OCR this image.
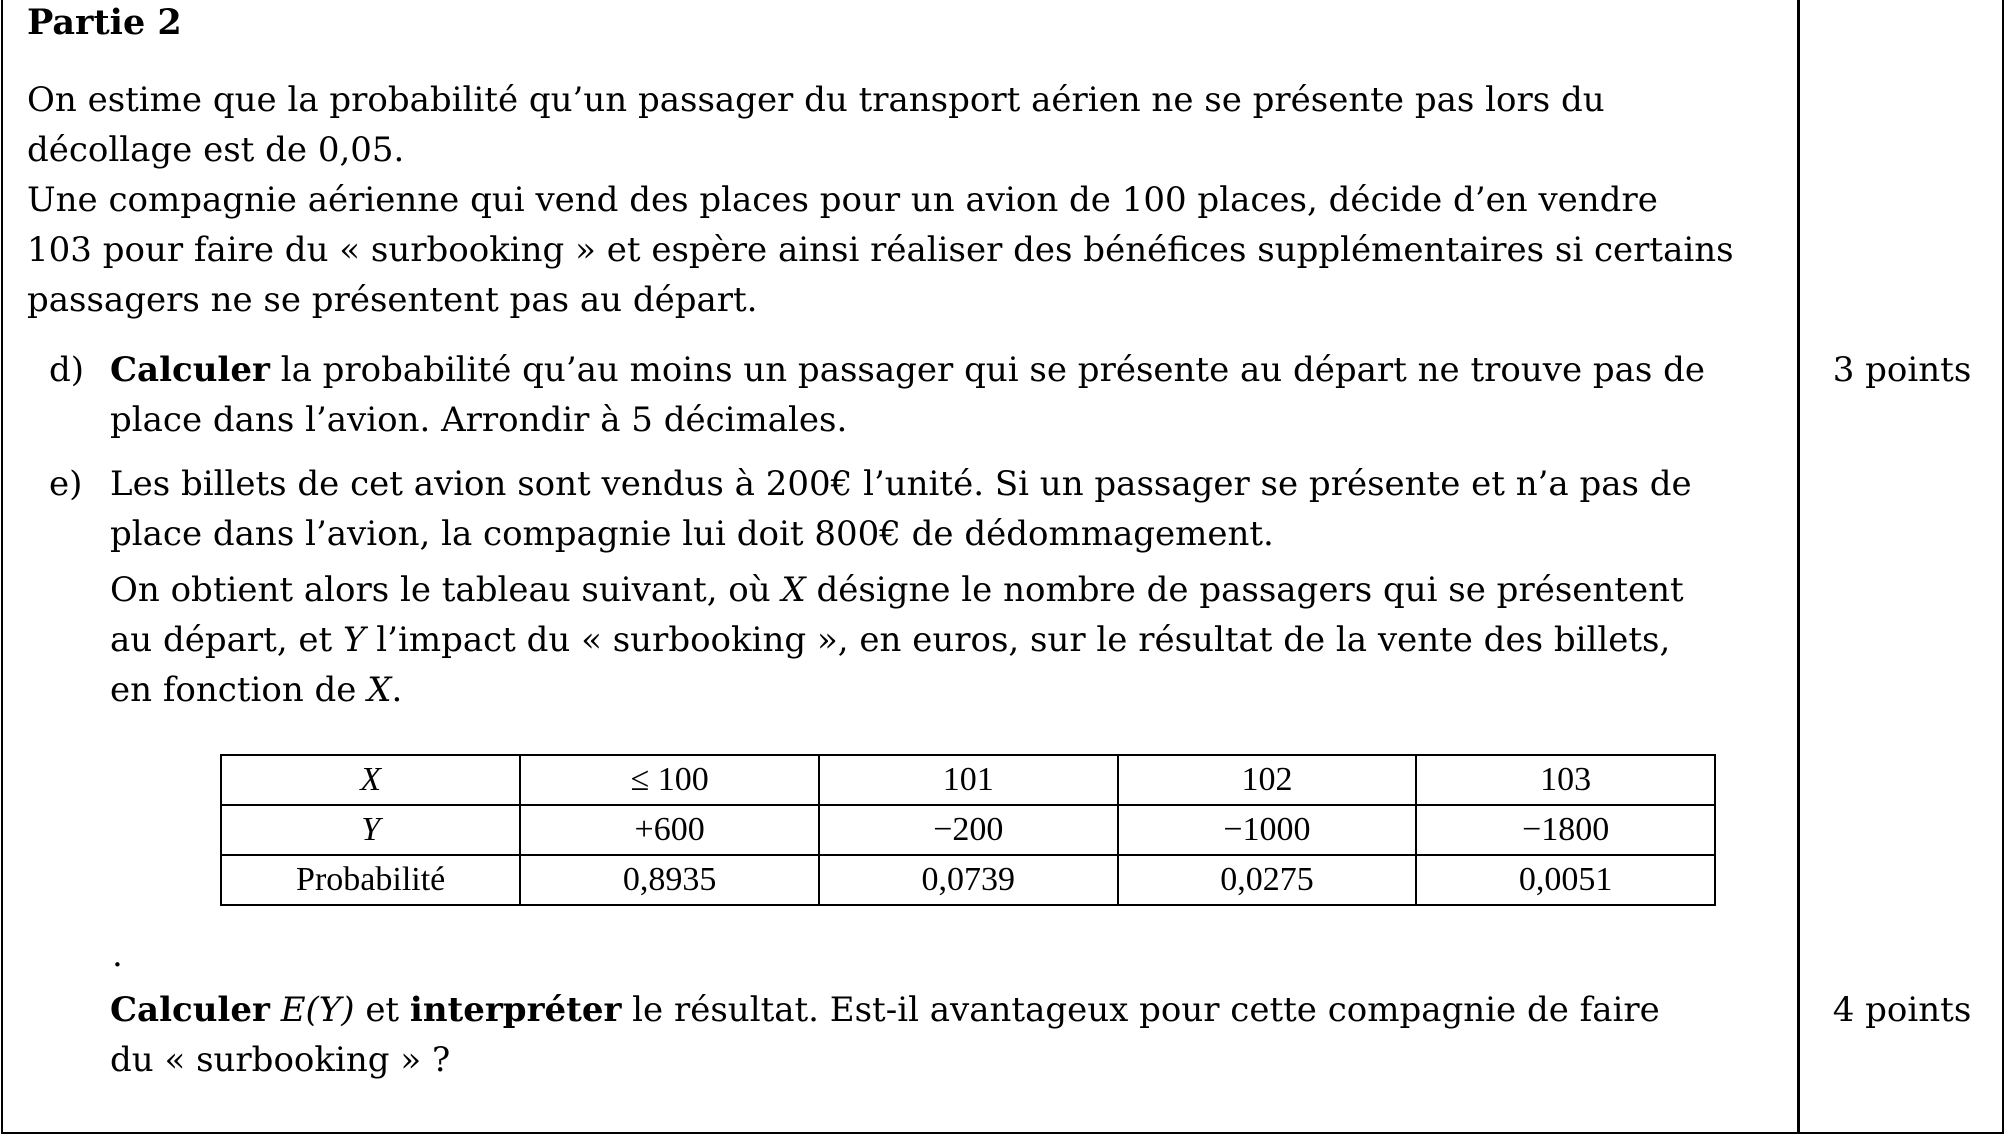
Partie 2
On estime que la probabilité qu’un passager du transport aérien ne se présente pas lors du
décollage est de 0,05.
Une compagnie aérienne qui vend des places pour un avion de 100 places, décide d’en vendre
103 pour faire du « surbooking » et espère ainsi réaliser des bénéfices supplémentaires si certains
passagers ne se présentent pas au départ.
d) Calculer la probabilité qu’au moins un passager qui se présente au départ ne trouve pas de
place dans l’avion. Arrondir à 5 décimales.
e) Les billets de cet avion sont vendus à 200€ l’unité. Si un passager se présente et n’a pas de
place dans l’avion, la compagnie lui doit 800€ de dédommagement.
On obtient alors le tableau suivant, où X désigne le nombre de passagers qui se présentent
au départ, et Y l’impact du « surbooking », en euros, sur le résultat de la vente des billets,
en fonction de X.
X	≤ 100	101	102	103
Y	+600	−200	−1000	−1800
Probabilité	0,8935	0,0739	0,0275	0,0051
.
Calculer E(Y) et interpréter le résultat. Est-il avantageux pour cette compagnie de faire
du « surbooking » ?
3 points
4 points
